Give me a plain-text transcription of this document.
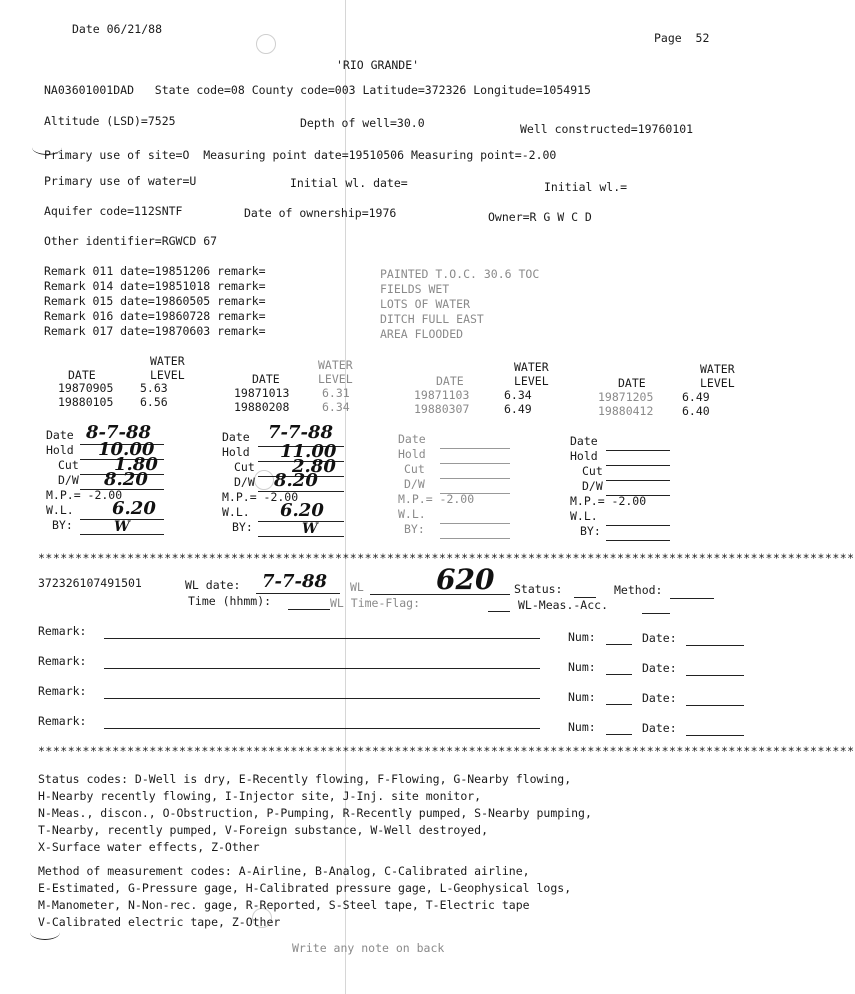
Date 06/21/88
Page  52
'RIO GRANDE'
NA03601001DAD   State code=08 County code=003 Latitude=372326 Longitude=1054915
Altitude (LSD)=7525	Depth of well=30.0	Well constructed=19760101
Primary use of site=O  Measuring point date=19510506 Measuring point=-2.00
Primary use of water=U	Initial wl. date=	Initial wl.=
Aquifer code=112SNTF	Date of ownership=1976	Owner=R G W C D
Other identifier=RGWCD 67
Remark 011 date=19851206 remark=	PAINTED T.O.C. 30.6 TOC
Remark 014 date=19851018 remark=	FIELDS WET
Remark 015 date=19860505 remark=	LOTS OF WATER
Remark 016 date=19860728 remark=	DITCH FULL EAST
Remark 017 date=19870603 remark=	AREA FLOODED
WATER
DATE	LEVEL
19870905 5.63
19880105 6.56
WATER
DATE	LEVEL
19871013	6.31
19880208	6.34
WATER
DATE	LEVEL
19871103	6.34
19880307	6.49
WATER
DATE	LEVEL
19871205 6.49
19880412 6.40
Date 8-7-88
Hold 10.00
Cut 1.80
D/W 8.20
M.P.= -2.00
W.L. 6.20
BY:	W
Date 7-7-88
Hold 11.00
Cut 2.80
D/W 8.20
M.P.= -2.00
W.L. 6.20
BY:	W
Date
Hold
Cut
D/W
M.P.= -2.00
W.L.
BY:
Date
Hold
Cut
D/W
M.P.= -2.00
W.L.
BY:
**************************************************************************************************************
372326107491501	WL date: 7-7-88 WL	620 Status:	Method:
Time (hhmm):	WL Time-Flag:	WL-Meas.-Acc.
Remark:	Num:	Date:
Remark:	Num:	Date:
Remark:	Num:	Date:
Remark:	Num:	Date:
**************************************************************************************************************
Status codes: D-Well is dry, E-Recently flowing, F-Flowing, G-Nearby flowing,
H-Nearby recently flowing, I-Injector site, J-Inj. site monitor,
N-Meas., discon., O-Obstruction, P-Pumping, R-Recently pumped, S-Nearby pumping,
T-Nearby, recently pumped, V-Foreign substance, W-Well destroyed,
X-Surface water effects, Z-Other
Method of measurement codes: A-Airline, B-Analog, C-Calibrated airline,
E-Estimated, G-Pressure gage, H-Calibrated pressure gage, L-Geophysical logs,
M-Manometer, N-Non-rec. gage, R-Reported, S-Steel tape, T-Electric tape
V-Calibrated electric tape, Z-Other
Write any note on back
